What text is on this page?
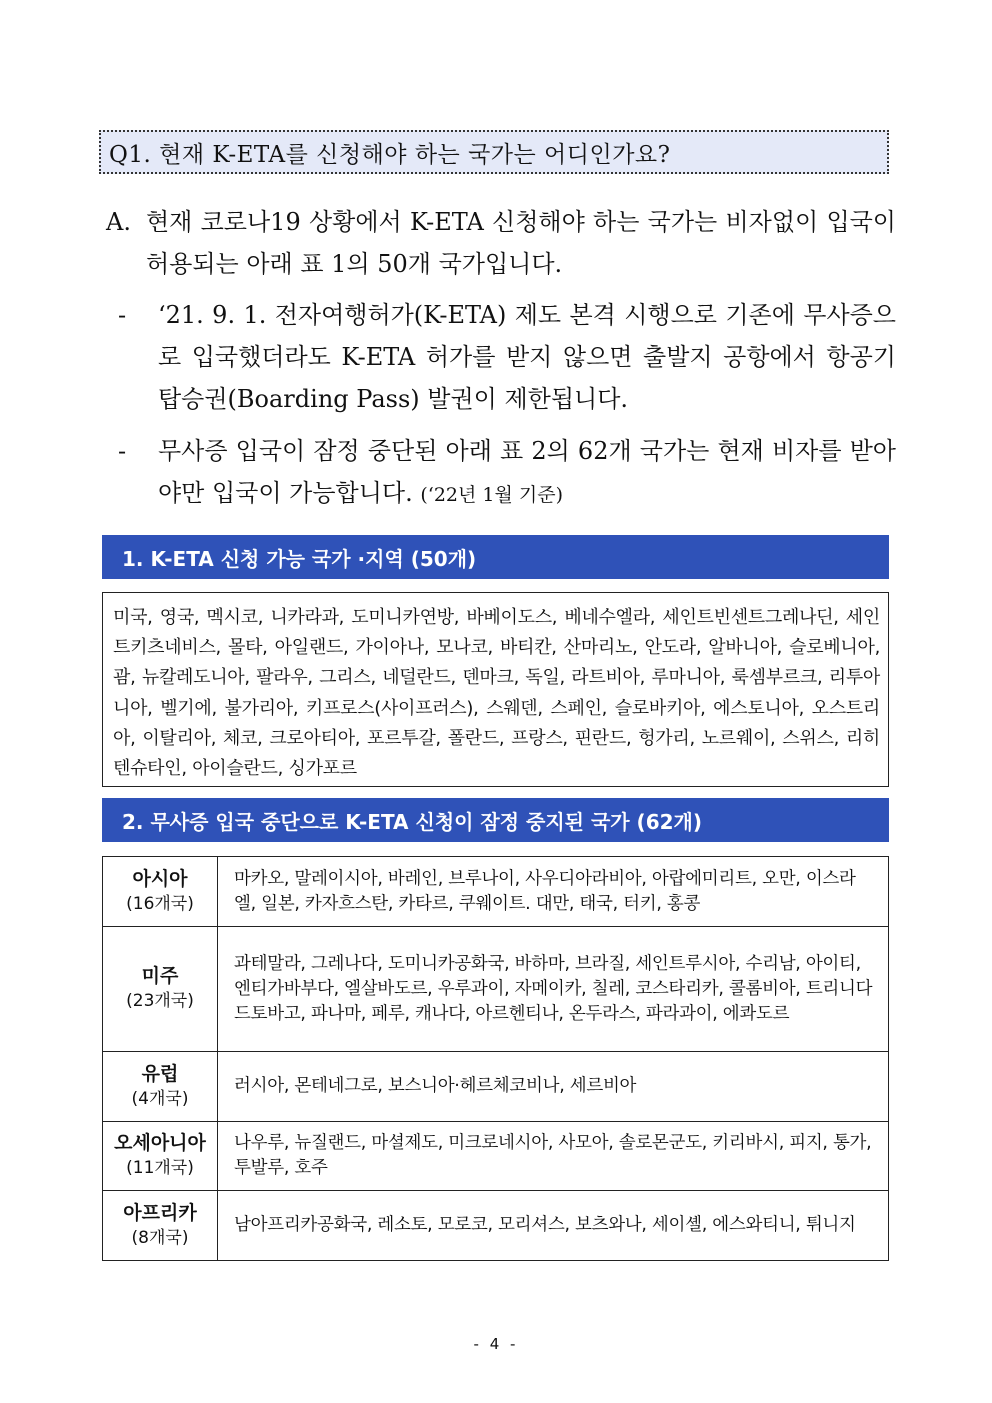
Q1. 현재 K-ETA를 신청해야 하는 국가는 어디인가요?
A. 현재 코로나19 상황에서 K-ETA 신청해야 하는 국가는 비자없이 입국이 허용되는 아래 표 1의 50개 국가입니다.
-	‘21. 9. 1. 전자여행허가(K-ETA) 제도 본격 시행으로 기존에 무사증으로 입국했더라도 K-ETA 허가를 받지 않으면 출발지 공항에서 항공기 탑승권(Boarding Pass) 발권이 제한됩니다.
-	무사증 입국이 잠정 중단된 아래 표 2의 62개 국가는 현재 비자를 받아야만 입국이 가능합니다. (‘22년 1월 기준)
1. K-ETA 신청 가능 국가 ·지역 (50개)
미국, 영국, 멕시코, 니카라과, 도미니카연방, 바베이도스, 베네수엘라, 세인트빈센트그레나딘, 세인트키츠네비스, 몰타, 아일랜드, 가이아나, 모나코, 바티칸, 산마리노, 안도라, 알바니아, 슬로베니아, 괌, 뉴칼레도니아, 팔라우, 그리스, 네덜란드, 덴마크, 독일, 라트비아, 루마니아, 룩셈부르크, 리투아니아, 벨기에, 불가리아, 키프로스(사이프러스), 스웨덴, 스페인, 슬로바키아, 에스토니아, 오스트리아, 이탈리아, 체코, 크로아티아, 포르투갈, 폴란드, 프랑스, 핀란드, 헝가리, 노르웨이, 스위스, 리히텐슈타인, 아이슬란드, 싱가포르
2. 무사증 입국 중단으로 K-ETA 신청이 잠정 중지된 국가 (62개)
아시아
(16개국)	마카오, 말레이시아, 바레인, 브루나이, 사우디아라비아, 아랍에미리트, 오만, 이스라엘, 일본, 카자흐스탄, 카타르, 쿠웨이트. 대만, 태국, 터키, 홍콩

미주
(23개국)	과테말라, 그레나다, 도미니카공화국, 바하마, 브라질, 세인트루시아, 수리남, 아이티, 엔티가바부다, 엘살바도르, 우루과이, 자메이카, 칠레, 코스타리카, 콜롬비아, 트리니다드토바고, 파나마, 페루, 캐나다, 아르헨티나, 온두라스, 파라과이, 에콰도르

유럽
(4개국)	러시아, 몬테네그로, 보스니아·헤르체코비나, 세르비아

오세아니아
(11개국)	나우루, 뉴질랜드, 마셜제도, 미크로네시아, 사모아, 솔로몬군도, 키리바시, 피지, 통가, 투발루, 호주

아프리카
(8개국)	남아프리카공화국, 레소토, 모로코, 모리셔스, 보츠와나, 세이셸, 에스와티니, 튀니지
- 4 -
